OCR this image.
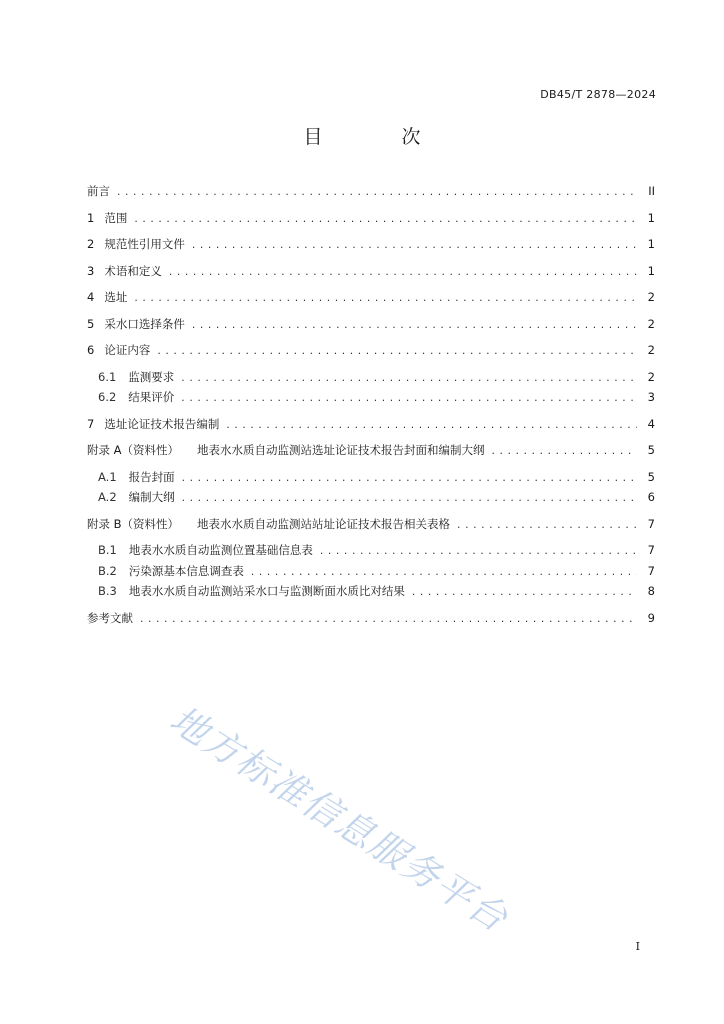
DB45/T 2878—2024
目　次
前言 .....	II
1 范围 .....	1
2 规范性引用文件 .....	1
3 术语和定义 .....	1
4 选址 .....	2
5 采水口选择条件 .....	2
6 论证内容 .....	2
6.1 监测要求 .....	2
6.2 结果评价 .....	3
7 选址论证技术报告编制 .....	4
附录 A（资料性） 地表水水质自动监测站选址论证技术报告封面和编制大纲 .....	5
A.1 报告封面 .....	5
A.2 编制大纲 .....	6
附录 B（资料性） 地表水水质自动监测站站址论证技术报告相关表格 .....	7
B.1 地表水水质自动监测位置基础信息表 .....	7
B.2 污染源基本信息调查表 .....	7
B.3 地表水水质自动监测站采水口与监测断面水质比对结果 .....	8
参考文献 .....	9
地方标准信息服务平台
I
